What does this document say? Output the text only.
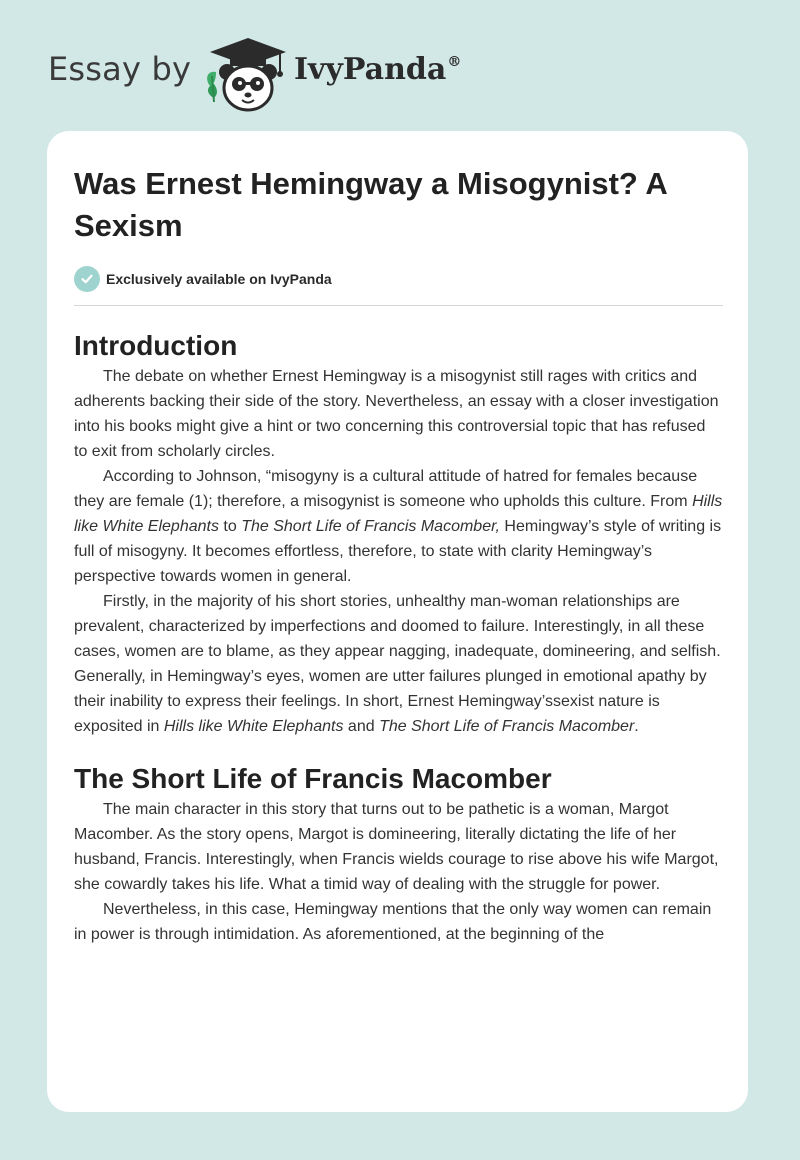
Essay by	IvyPanda®
Was Ernest Hemingway a Misogynist? A Sexism
Exclusively available on IvyPanda
Introduction

The debate on whether Ernest Hemingway is a misogynist still rages with critics and adherents backing their side of the story. Nevertheless, an essay with a closer investigation into his books might give a hint or two concerning this controversial topic that has refused to exit from scholarly circles.

According to Johnson, “misogyny is a cultural attitude of hatred for females because they are female (1); therefore, a misogynist is someone who upholds this culture. From Hills like White Elephants to The Short Life of Francis Macomber, Hemingway’s style of writing is full of misogyny. It becomes effortless, therefore, to state with clarity Hemingway’s perspective towards women in general.

Firstly, in the majority of his short stories, unhealthy man-woman relationships are prevalent, characterized by imperfections and doomed to failure. Interestingly, in all these cases, women are to blame, as they appear nagging, inadequate, domineering, and selfish. Generally, in Hemingway’s eyes, women are utter failures plunged in emotional apathy by their inability to express their feelings. In short, Ernest Hemingway’ssexist nature is exposited in Hills like White Elephants and The Short Life of Francis Macomber.

The Short Life of Francis Macomber

The main character in this story that turns out to be pathetic is a woman, Margot Macomber. As the story opens, Margot is domineering, literally dictating the life of her husband, Francis. Interestingly, when Francis wields courage to rise above his wife Margot, she cowardly takes his life. What a timid way of dealing with the struggle for power.

Nevertheless, in this case, Hemingway mentions that the only way women can remain in power is through intimidation. As aforementioned, at the beginning of the
